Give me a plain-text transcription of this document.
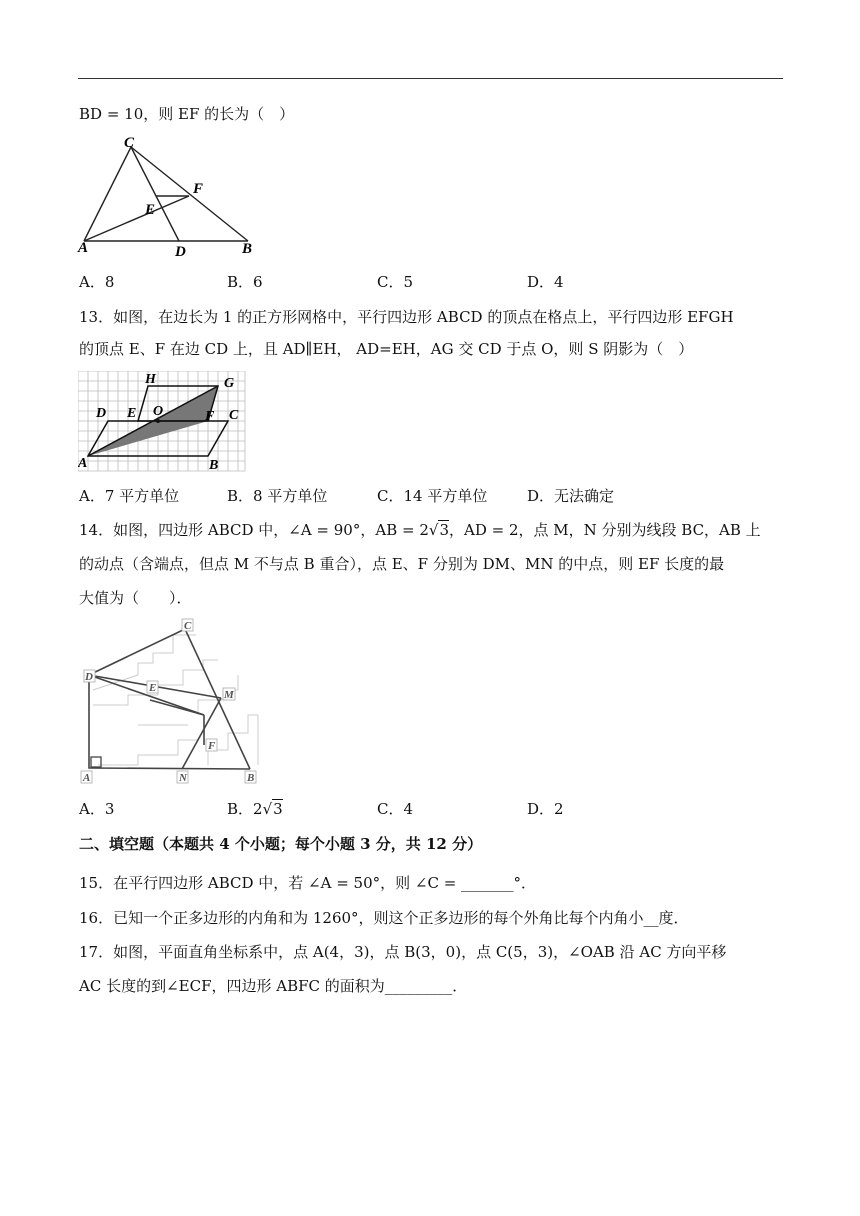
BD = 10，则 EF 的长为（　）
C
F
E
A	D	B
A．8	B．6	C．5	D．4
13．如图，在边长为 1 的正方形网格中，平行四边形 ABCD 的顶点在格点上，平行四边形 EFGH
的顶点 E、F 在边 CD 上，且 AD∥EH， AD=EH，AG 交 CD 于点 O，则 S 阴影为（　）
H	G
D E O	F C
A	B
A．7 平方单位	B．8 平方单位	C．14 平方单位	D．无法确定
14．如图，四边形 ABCD 中，∠A = 90°，AB = 2√3，AD = 2，点 M，N 分别为线段 BC，AB 上
的动点（含端点，但点 M 不与点 B 重合），点 E、F 分别为 DM、MN 的中点，则 EF 长度的最
大值为（　　）．
C
D
E
M
F
A	N	B
A．3	B．2√3	C．4	D．2
二、填空题（本题共 4 个小题；每个小题 3 分，共 12 分）
15．在平行四边形 ABCD 中，若 ∠A = 50°，则 ∠C = _______°．
16．已知一个正多边形的内角和为 1260°，则这个正多边形的每个外角比每个内角小__度．
17．如图，平面直角坐标系中，点 A(4，3)，点 B(3，0)，点 C(5，3)，∠OAB 沿 AC 方向平移
AC 长度的到∠ECF，四边形 ABFC 的面积为_________．
